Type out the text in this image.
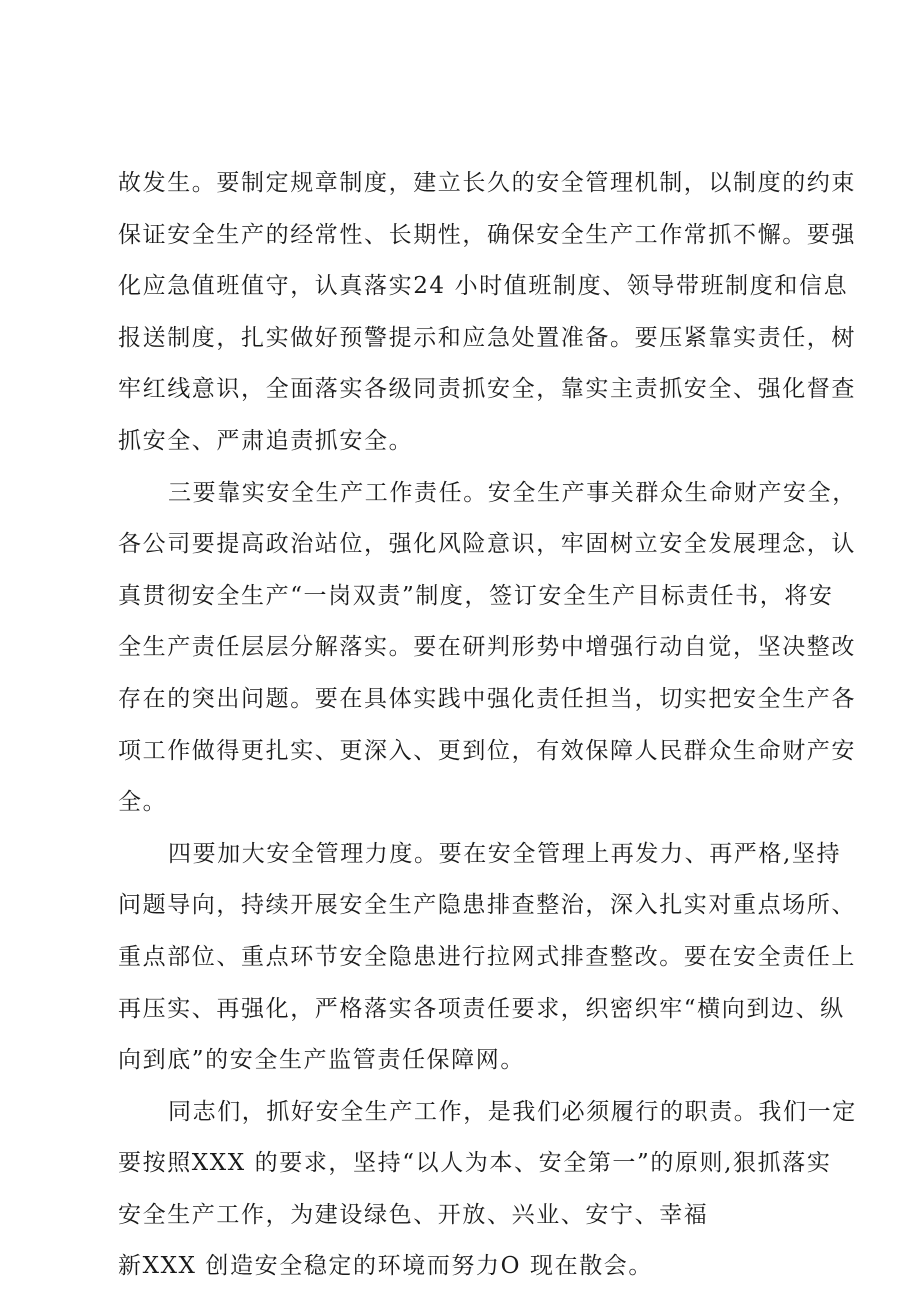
故发生。要制定规章制度，建立长久的安全管理机制，以制度的约束
保证安全生产的经常性、长期性，确保安全生产工作常抓不懈。要强
化应急值班值守，认真落实24 小时值班制度、领导带班制度和信息
报送制度，扎实做好预警提示和应急处置准备。要压紧靠实责任，树
牢红线意识，全面落实各级同责抓安全，靠实主责抓安全、强化督查
抓安全、严肃追责抓安全。
三要靠实安全生产工作责任。安全生产事关群众生命财产安全，
各公司要提高政治站位，强化风险意识，牢固树立安全发展理念，认
真贯彻安全生产“一岗双责”制度，签订安全生产目标责任书，将安
全生产责任层层分解落实。要在研判形势中增强行动自觉，坚决整改
存在的突出问题。要在具体实践中强化责任担当，切实把安全生产各
项工作做得更扎实、更深入、更到位，有效保障人民群众生命财产安
全。
四要加大安全管理力度。要在安全管理上再发力、再严格,坚持
问题导向，持续开展安全生产隐患排查整治，深入扎实对重点场所、
重点部位、重点环节安全隐患进行拉网式排查整改。要在安全责任上
再压实、再强化，严格落实各项责任要求，织密织牢“横向到边、纵
向到底”的安全生产监管责任保障网。
同志们，抓好安全生产工作，是我们必须履行的职责。我们一定
要按照XXX 的要求，坚持“以人为本、安全第一”的原则,狠抓落实
安全生产工作，为建设绿色、开放、兴业、安宁、幸福
新XXX 创造安全稳定的环境而努力O 现在散会。
